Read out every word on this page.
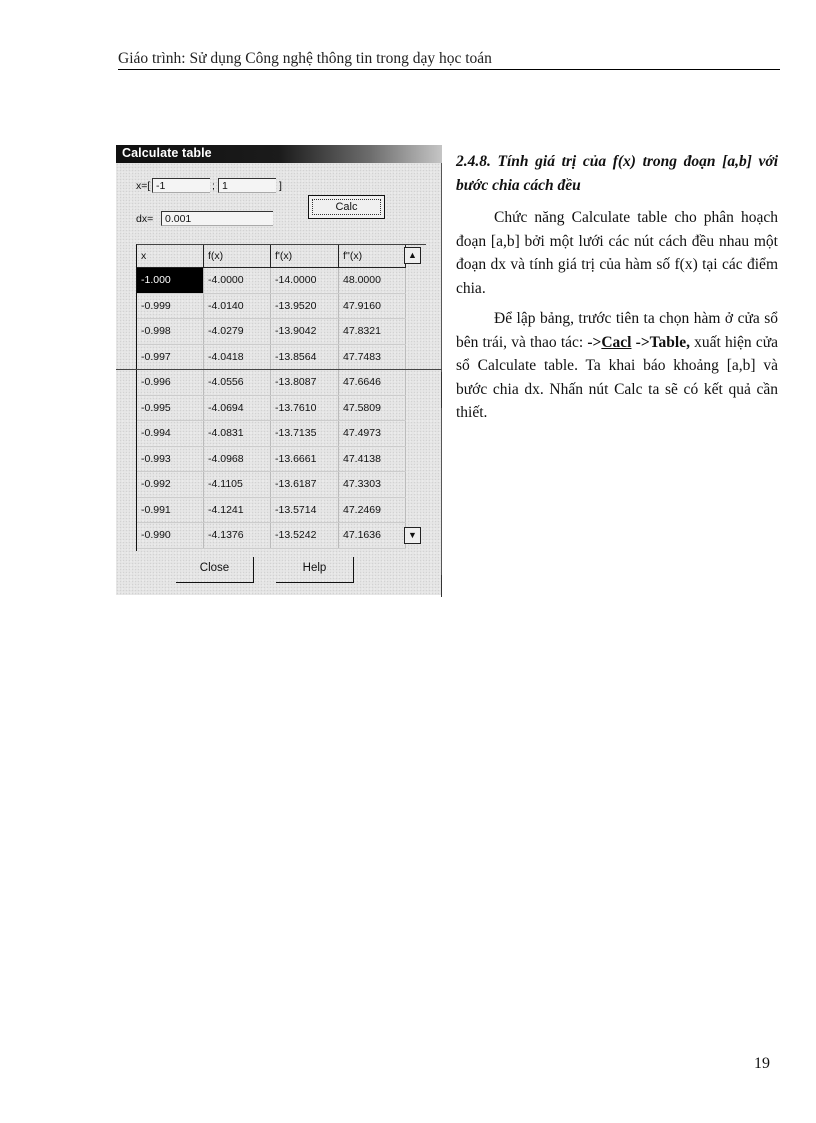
Giáo trình: Sử dụng Công nghệ thông tin trong dạy học toán
Calculate table
x=[ -1	; 1	]
dx=	0.001
Calc
x	f(x)	f'(x)	f''(x)
-1.000	-4.0000	-14.0000	48.0000
-0.999	-4.0140	-13.9520	47.9160
-0.998	-4.0279	-13.9042	47.8321
-0.997	-4.0418	-13.8564	47.7483
-0.996	-4.0556	-13.8087	47.6646
-0.995	-4.0694	-13.7610	47.5809
-0.994	-4.0831	-13.7135	47.4973
-0.993	-4.0968	-13.6661	47.4138
-0.992	-4.1105	-13.6187	47.3303
-0.991	-4.1241	-13.5714	47.2469
-0.990	-4.1376	-13.5242	47.1636
▲
▼
Close	Help

2.4.8. Tính giá trị của f(x) trong đoạn [a,b] với bước chia cách đều

Chức năng Calculate table cho phân hoạch đoạn [a,b] bởi một lưới các nút cách đều nhau một đoạn dx và tính giá trị của hàm số f(x) tại các điểm chia.

Để lập bảng, trước tiên ta chọn hàm ở cửa sổ bên trái, và thao tác: ->Cacl ->Table, xuất hiện cửa sổ Calculate table. Ta khai báo khoảng [a,b] và bước chia dx. Nhấn nút Calc ta sẽ có kết quả cần thiết.

19
